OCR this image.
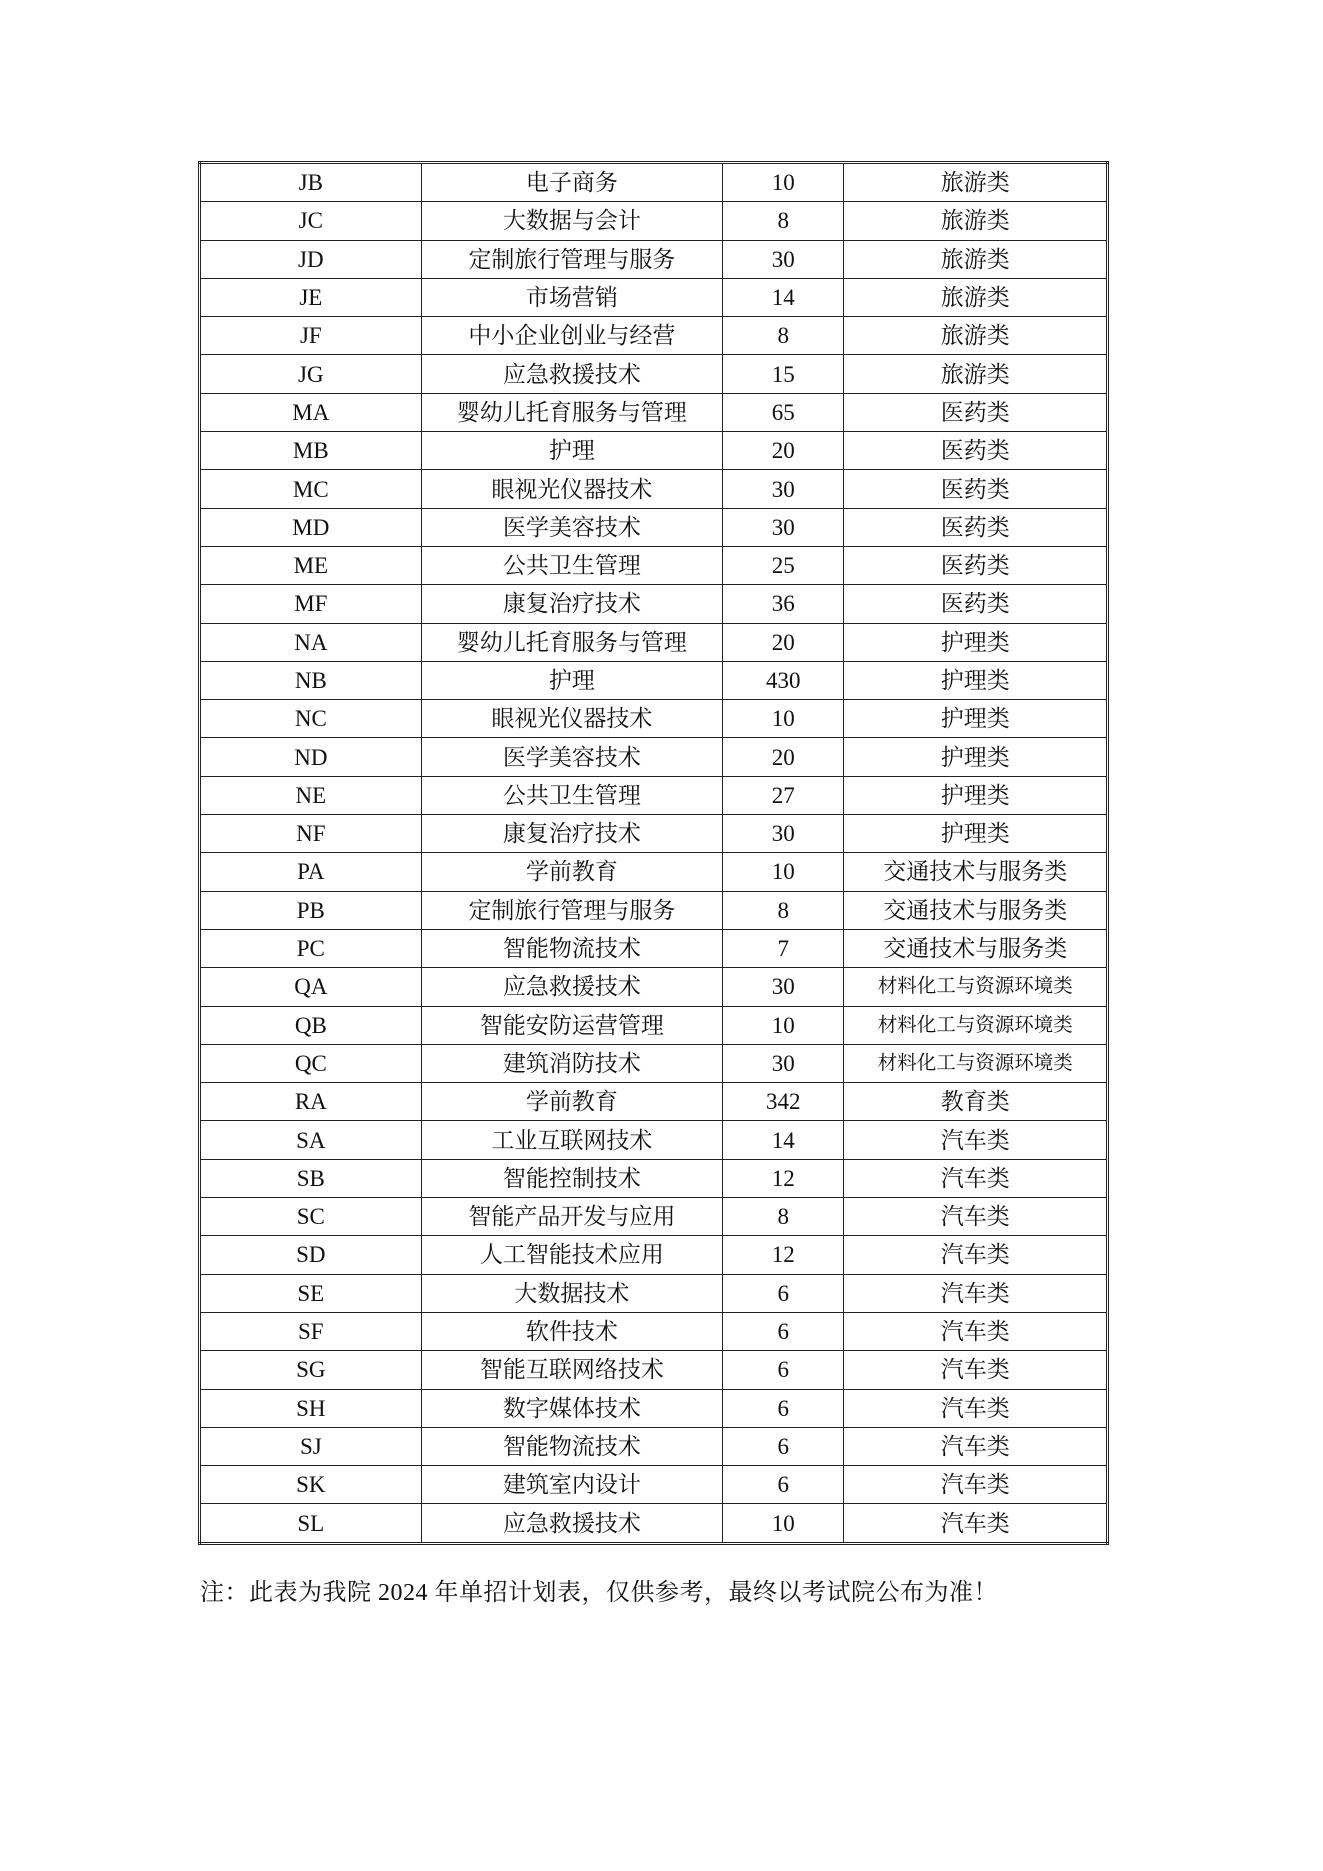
JB	电子商务	10	旅游类
JC	大数据与会计	8	旅游类
JD	定制旅行管理与服务	30	旅游类
JE	市场营销	14	旅游类
JF	中小企业创业与经营	8	旅游类
JG	应急救援技术	15	旅游类
MA	婴幼儿托育服务与管理	65	医药类
MB	护理	20	医药类
MC	眼视光仪器技术	30	医药类
MD	医学美容技术	30	医药类
ME	公共卫生管理	25	医药类
MF	康复治疗技术	36	医药类
NA	婴幼儿托育服务与管理	20	护理类
NB	护理	430	护理类
NC	眼视光仪器技术	10	护理类
ND	医学美容技术	20	护理类
NE	公共卫生管理	27	护理类
NF	康复治疗技术	30	护理类
PA	学前教育	10	交通技术与服务类
PB	定制旅行管理与服务	8	交通技术与服务类
PC	智能物流技术	7	交通技术与服务类
QA	应急救援技术	30	材料化工与资源环境类
QB	智能安防运营管理	10	材料化工与资源环境类
QC	建筑消防技术	30	材料化工与资源环境类
RA	学前教育	342	教育类
SA	工业互联网技术	14	汽车类
SB	智能控制技术	12	汽车类
SC	智能产品开发与应用	8	汽车类
SD	人工智能技术应用	12	汽车类
SE	大数据技术	6	汽车类
SF	软件技术	6	汽车类
SG	智能互联网络技术	6	汽车类
SH	数字媒体技术	6	汽车类
SJ	智能物流技术	6	汽车类
SK	建筑室内设计	6	汽车类
SL	应急救援技术	10	汽车类
注：此表为我院 2024 年单招计划表，仅供参考，最终以考试院公布为准！
